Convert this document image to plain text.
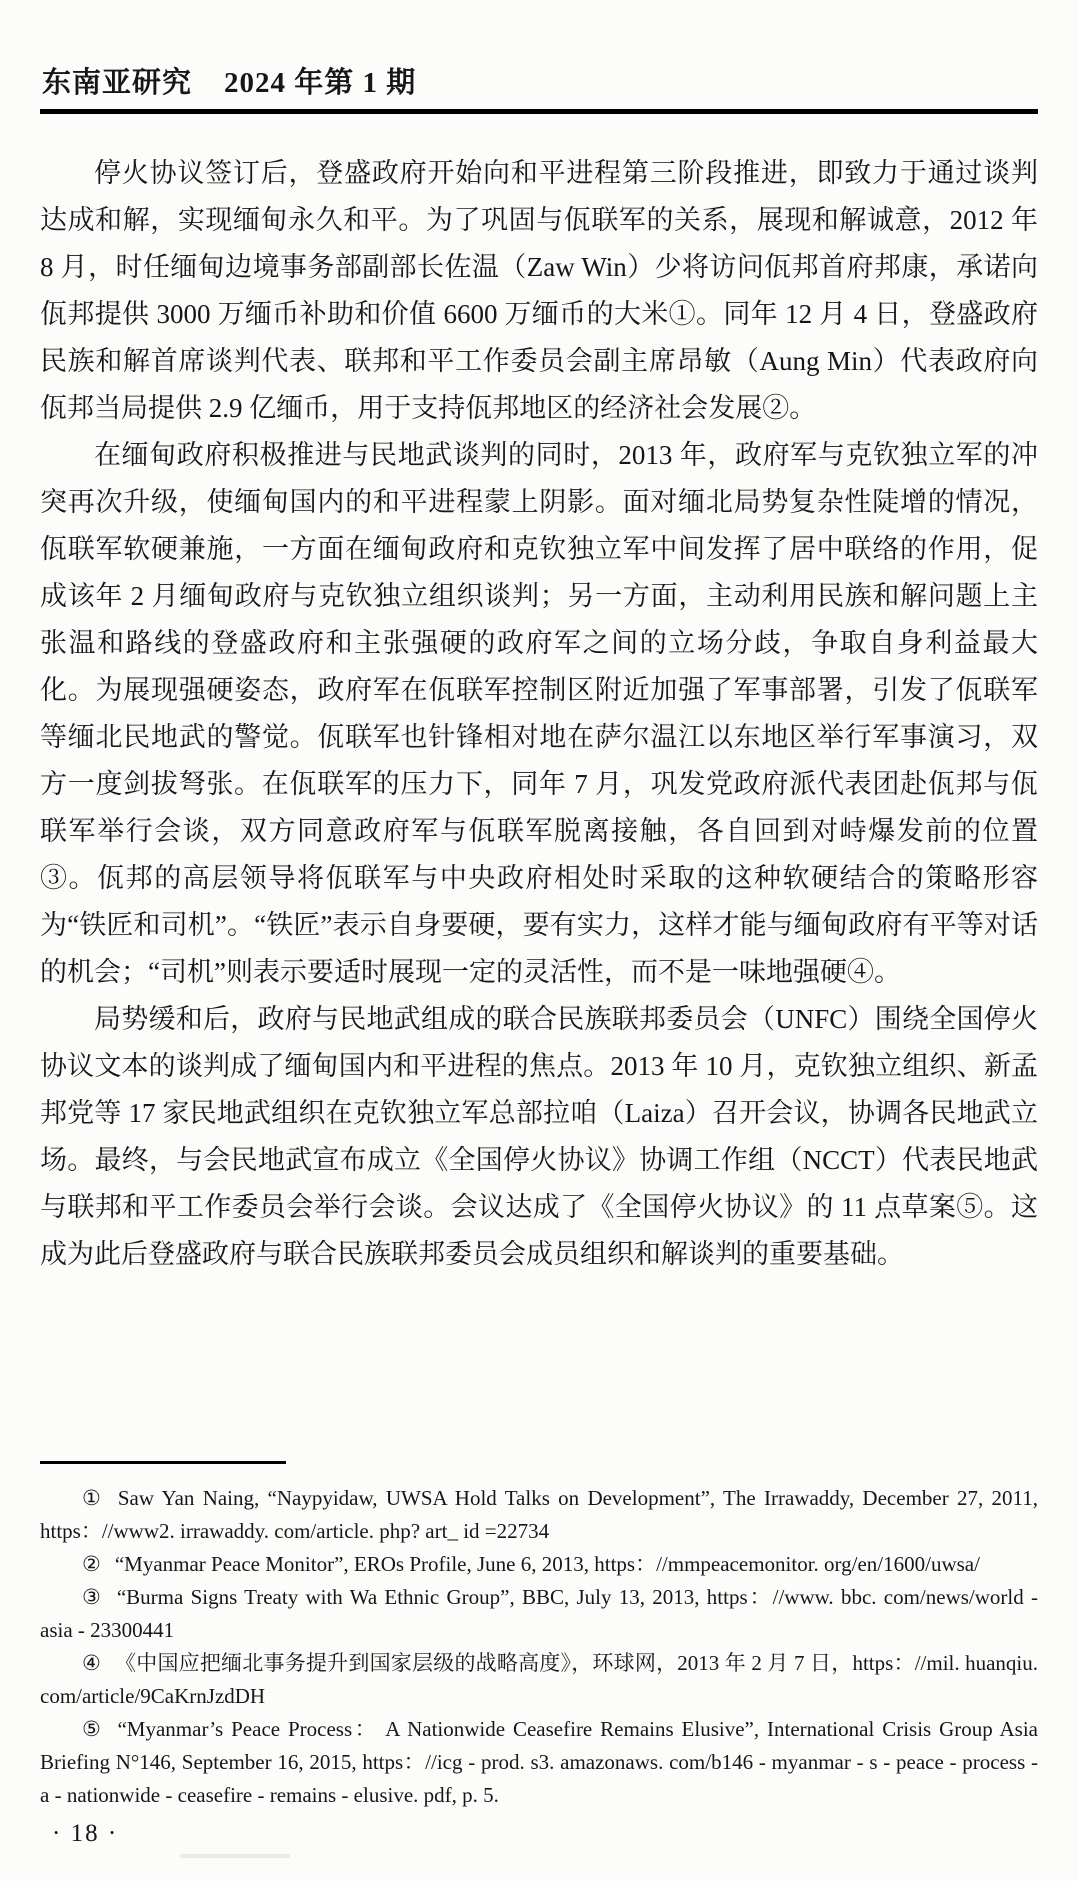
东南亚研究 2024 年第 1 期

停火协议签订后，登盛政府开始向和平进程第三阶段推进，即致力于通过谈判达成和解，实现缅甸永久和平。为了巩固与佤联军的关系，展现和解诚意，2012 年 8 月，时任缅甸边境事务部副部长佐温（Zaw Win）少将访问佤邦首府邦康，承诺向佤邦提供 3000 万缅币补助和价值 6600 万缅币的大米①。同年 12 月 4 日，登盛政府民族和解首席谈判代表、联邦和平工作委员会副主席昂敏（Aung Min）代表政府向佤邦当局提供 2.9 亿缅币，用于支持佤邦地区的经济社会发展②。

在缅甸政府积极推进与民地武谈判的同时，2013 年，政府军与克钦独立军的冲突再次升级，使缅甸国内的和平进程蒙上阴影。面对缅北局势复杂性陡增的情况，佤联军软硬兼施，一方面在缅甸政府和克钦独立军中间发挥了居中联络的作用，促成该年 2 月缅甸政府与克钦独立组织谈判；另一方面，主动利用民族和解问题上主张温和路线的登盛政府和主张强硬的政府军之间的立场分歧，争取自身利益最大化。为展现强硬姿态，政府军在佤联军控制区附近加强了军事部署，引发了佤联军等缅北民地武的警觉。佤联军也针锋相对地在萨尔温江以东地区举行军事演习，双方一度剑拔弩张。在佤联军的压力下，同年 7 月，巩发党政府派代表团赴佤邦与佤联军举行会谈，双方同意政府军与佤联军脱离接触，各自回到对峙爆发前的位置③。佤邦的高层领导将佤联军与中央政府相处时采取的这种软硬结合的策略形容为“铁匠和司机”。“铁匠”表示自身要硬，要有实力，这样才能与缅甸政府有平等对话的机会；“司机”则表示要适时展现一定的灵活性，而不是一味地强硬④。

局势缓和后，政府与民地武组成的联合民族联邦委员会（UNFC）围绕全国停火协议文本的谈判成了缅甸国内和平进程的焦点。2013 年 10 月，克钦独立组织、新孟邦党等 17 家民地武组织在克钦独立军总部拉咱（Laiza）召开会议，协调各民地武立场。最终，与会民地武宣布成立《全国停火协议》协调工作组（NCCT）代表民地武与联邦和平工作委员会举行会谈。会议达成了《全国停火协议》的 11 点草案⑤。这成为此后登盛政府与联合民族联邦委员会成员组织和解谈判的重要基础。

① Saw Yan Naing, “Naypyidaw, UWSA Hold Talks on Development”, The Irrawaddy, December 27, 2011, https：//www2. irrawaddy. com/article. php? art_ id =22734

② “Myanmar Peace Monitor”, EROs Profile, June 6, 2013, https：//mmpeacemonitor. org/en/1600/uwsa/

③ “Burma Signs Treaty with Wa Ethnic Group”, BBC, July 13, 2013, https：//www. bbc. com/news/world - asia - 23300441

④ 《中国应把缅北事务提升到国家层级的战略高度》，环球网，2013 年 2 月 7 日，https：//mil. huanqiu. com/article/9CaKrnJzdDH

⑤ “Myanmar’s Peace Process： A Nationwide Ceasefire Remains Elusive”, International Crisis Group Asia Briefing N°146, September 16, 2015, https：//icg - prod. s3. amazonaws. com/b146 - myanmar - s - peace - process - a - nationwide - ceasefire - remains - elusive. pdf, p. 5.

· 18 ·
